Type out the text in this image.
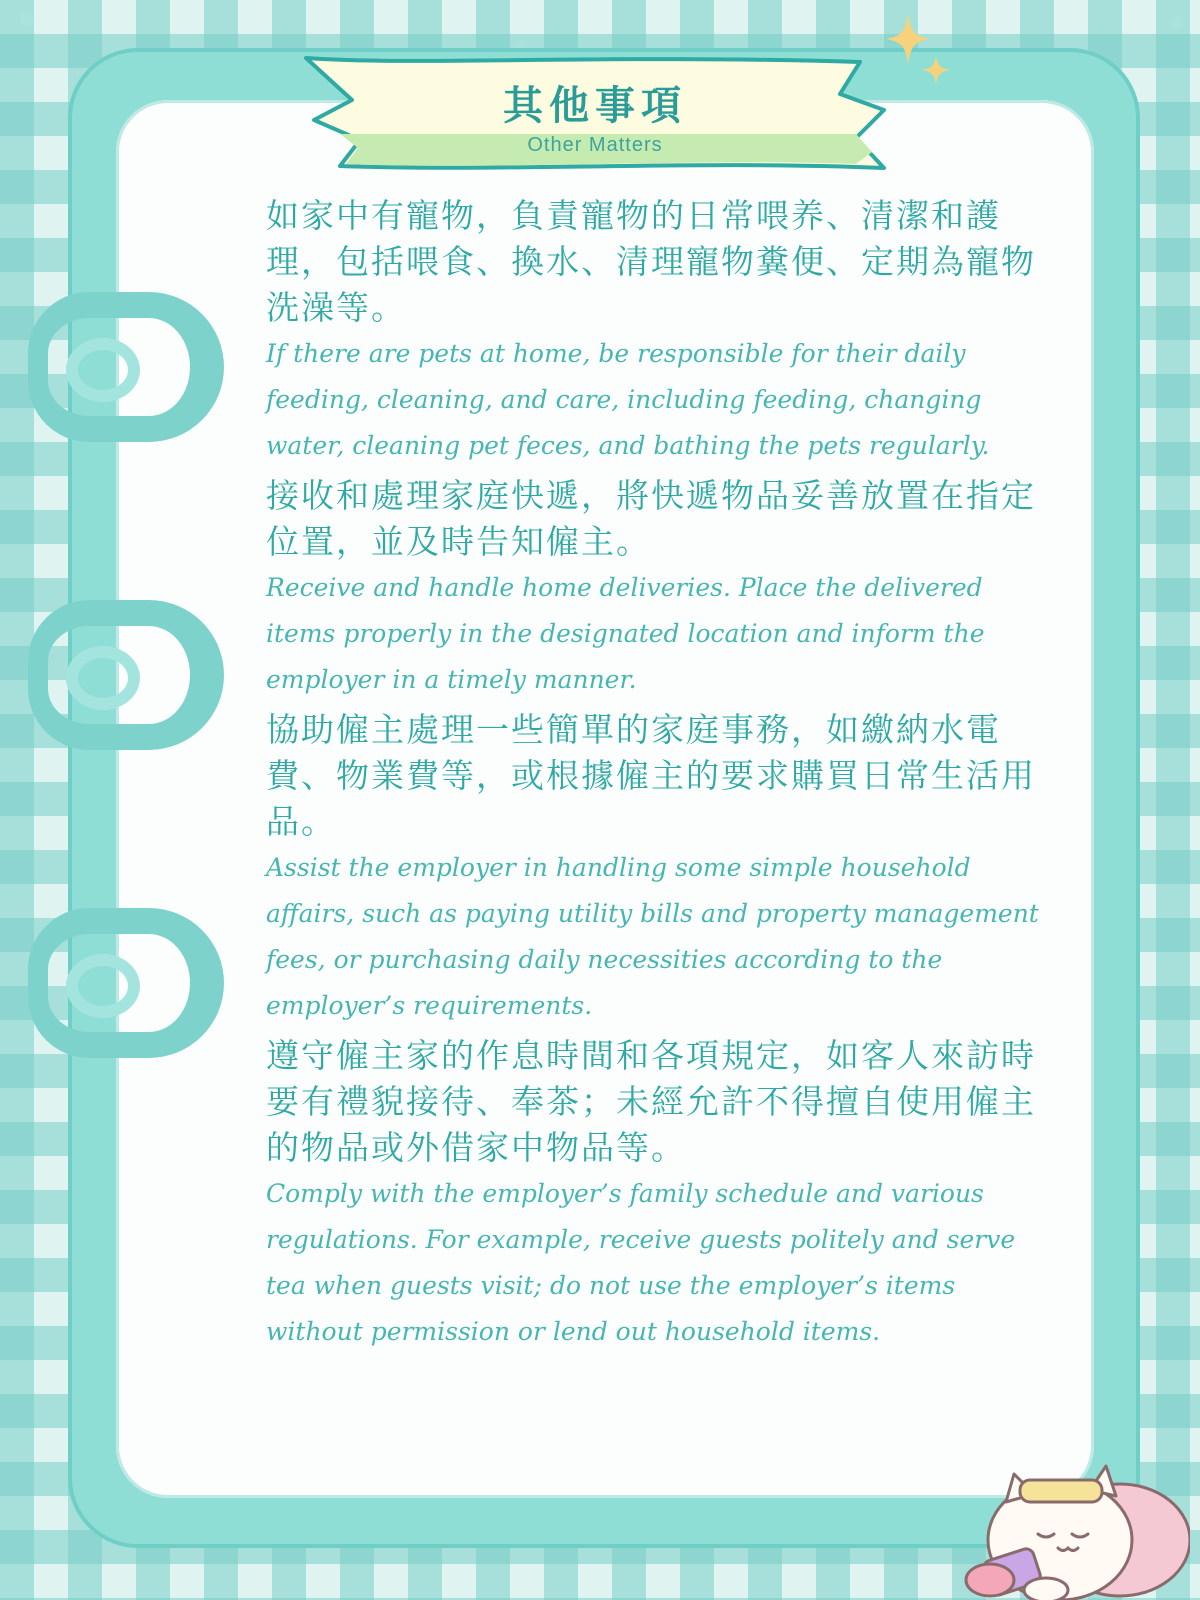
其他事項
Other Matters

如家中有寵物，負責寵物的日常喂养、清潔和護理，包括喂食、換水、清理寵物糞便、定期為寵物洗澡等。

If there are pets at home, be responsible for their daily feeding, cleaning, and care, including feeding, changing water, cleaning pet feces, and bathing the pets regularly.

接收和處理家庭快遞，將快遞物品妥善放置在指定位置，並及時告知僱主。

Receive and handle home deliveries. Place the delivered items properly in the designated location and inform the employer in a timely manner.

協助僱主處理一些簡單的家庭事務，如繳納水電費、物業費等，或根據僱主的要求購買日常生活用品。

Assist the employer in handling some simple household affairs, such as paying utility bills and property management fees, or purchasing daily necessities according to the employer’s requirements.

遵守僱主家的作息時間和各項規定，如客人來訪時要有禮貌接待、奉茶；未經允許不得擅自使用僱主的物品或外借家中物品等。

Comply with the employer’s family schedule and various regulations. For example, receive guests politely and serve tea when guests visit; do not use the employer’s items without permission or lend out household items.
